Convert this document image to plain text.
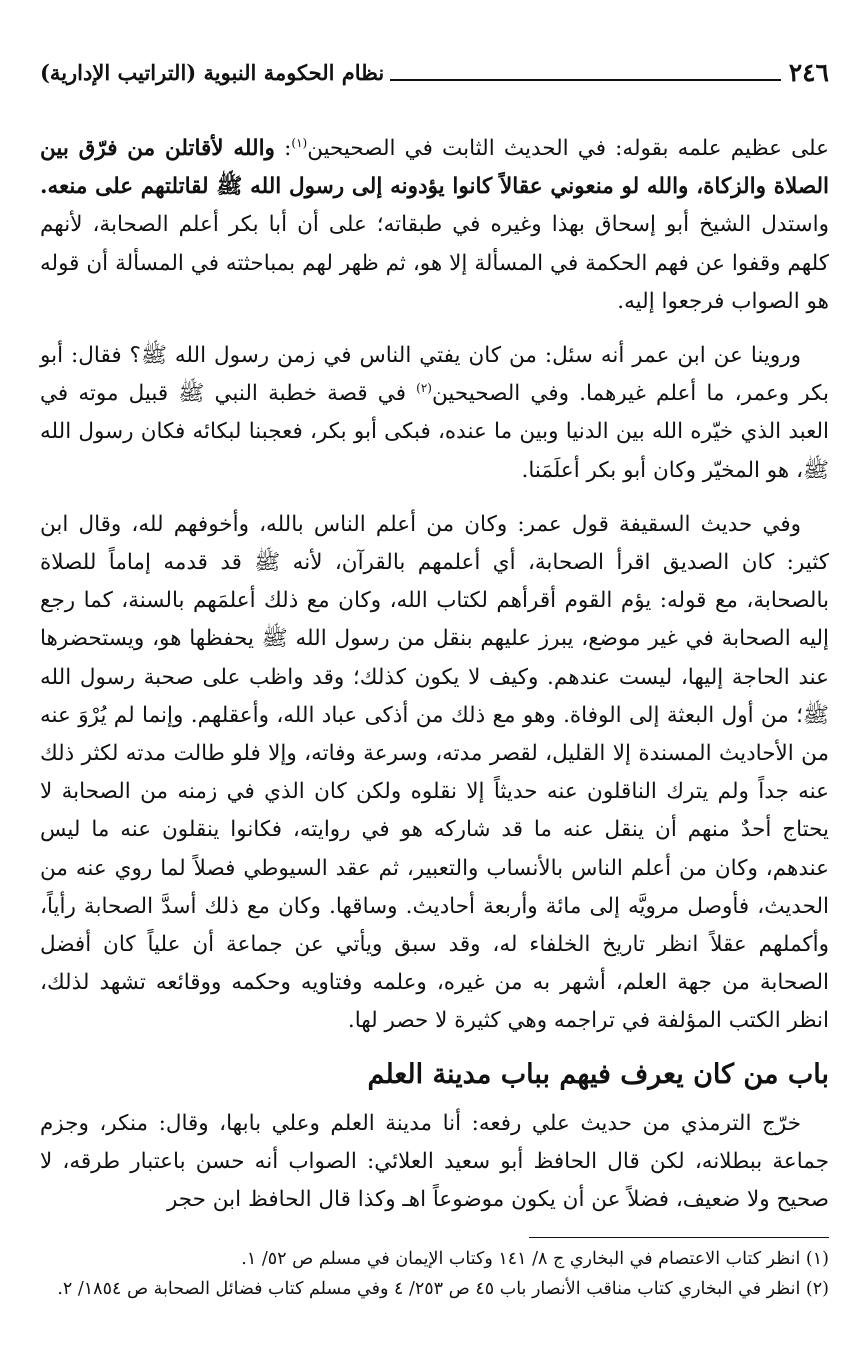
٢٤٦
نظام الحكومة النبوية (التراتيب الإدارية)

على عظيم علمه بقوله: في الحديث الثابت في الصحيحين$^{(١)}$: والله لأقاتلن من فرّق بين الصلاة والزكاة، والله لو منعوني عقالاً كانوا يؤدونه إلى رسول الله ﷺ لقاتلتهم على منعه. واستدل الشيخ أبو إسحاق بهذا وغيره في طبقاته؛ على أن أبا بكر أعلم الصحابة، لأنهم كلهم وقفوا عن فهم الحكمة في المسألة إلا هو، ثم ظهر لهم بمباحثته في المسألة أن قوله هو الصواب فرجعوا إليه.

وروينا عن ابن عمر أنه سئل: من كان يفتي الناس في زمن رسول الله ﷺ؟ فقال: أبو بكر وعمر، ما أعلم غيرهما. وفي الصحيحين$^{(٢)}$ في قصة خطبة النبي ﷺ قبيل موته في العبد الذي خيّره الله بين الدنيا وبين ما عنده، فبكى أبو بكر، فعجبنا لبكائه فكان رسول الله ﷺ، هو المخيّر وكان أبو بكر أعلَمَنا.

وفي حديث السقيفة قول عمر: وكان من أعلم الناس بالله، وأخوفهم لله، وقال ابن كثير: كان الصديق اقرأ الصحابة، أي أعلمهم بالقرآن، لأنه ﷺ قد قدمه إماماً للصلاة بالصحابة، مع قوله: يؤم القوم أقرأهم لكتاب الله، وكان مع ذلك أعلمَهم بالسنة، كما رجع إليه الصحابة في غير موضع، يبرز عليهم بنقل من رسول الله ﷺ يحفظها هو، ويستحضرها عند الحاجة إليها، ليست عندهم. وكيف لا يكون كذلك؛ وقد واظب على صحبة رسول الله ﷺ؛ من أول البعثة إلى الوفاة. وهو مع ذلك من أذكى عباد الله، وأعقلهم. وإنما لم يُرْوَ عنه من الأحاديث المسندة إلا القليل، لقصر مدته، وسرعة وفاته، وإلا فلو طالت مدته لكثر ذلك عنه جداً ولم يترك الناقلون عنه حديثاً إلا نقلوه ولكن كان الذي في زمنه من الصحابة لا يحتاج أحدٌ منهم أن ينقل عنه ما قد شاركه هو في روايته، فكانوا ينقلون عنه ما ليس عندهم، وكان من أعلم الناس بالأنساب والتعبير، ثم عقد السيوطي فصلاً لما روي عنه من الحديث، فأوصل مرويَّه إلى مائة وأربعة أحاديث. وساقها. وكان مع ذلك أسدَّ الصحابة رأياً، وأكملهم عقلاً انظر تاريخ الخلفاء له، وقد سبق ويأتي عن جماعة أن علياً كان أفضل الصحابة من جهة العلم، أشهر به من غيره، وعلمه وفتاويه وحكمه ووقائعه تشهد لذلك، انظر الكتب المؤلفة في تراجمه وهي كثيرة لا حصر لها.

باب من كان يعرف فيهم بباب مدينة العلم

خرّج الترمذي من حديث علي رفعه: أنا مدينة العلم وعلي بابها، وقال: منكر، وجزم جماعة ببطلانه، لكن قال الحافظ أبو سعيد العلائي: الصواب أنه حسن باعتبار طرقه، لا صحيح ولا ضعيف، فضلاً عن أن يكون موضوعاً اهـ وكذا قال الحافظ ابن حجر

(١) انظر كتاب الاعتصام في البخاري ج ٨/ ١٤١ وكتاب الإيمان في مسلم ص ٥٢/ ١.

(٢) انظر في البخاري كتاب مناقب الأنصار باب ٤٥ ص ٢٥٣/ ٤ وفي مسلم كتاب فضائل الصحابة ص ١٨٥٤/ ٢.
